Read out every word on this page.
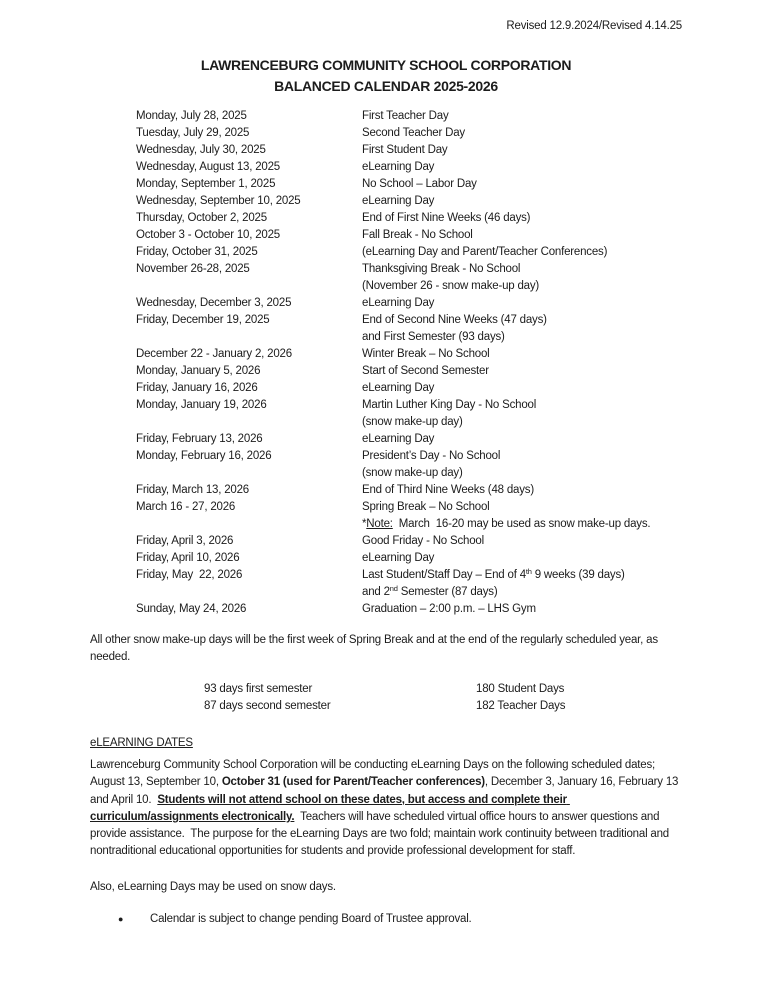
Revised 12.9.2024/Revised 4.14.25
LAWRENCEBURG COMMUNITY SCHOOL CORPORATION
BALANCED CALENDAR 2025-2026
Monday, July 28, 2025	First Teacher Day
Tuesday, July 29, 2025	Second Teacher Day
Wednesday, July 30, 2025	First Student Day
Wednesday, August 13, 2025	eLearning Day
Monday, September 1, 2025	No School – Labor Day
Wednesday, September 10, 2025	eLearning Day
Thursday, October 2, 2025	End of First Nine Weeks (46 days)
October 3 - October 10, 2025	Fall Break - No School
Friday, October 31, 2025	(eLearning Day and Parent/Teacher Conferences)
November 26-28, 2025	Thanksgiving Break - No School
(November 26 - snow make-up day)
Wednesday, December 3, 2025	eLearning Day
Friday, December 19, 2025	End of Second Nine Weeks (47 days)
and First Semester (93 days)
December 22 - January 2, 2026	Winter Break – No School
Monday, January 5, 2026	Start of Second Semester
Friday, January 16, 2026	eLearning Day
Monday, January 19, 2026	Martin Luther King Day - No School
(snow make-up day)
Friday, February 13, 2026	eLearning Day
Monday, February 16, 2026	President’s Day - No School
(snow make-up day)
Friday, March 13, 2026	End of Third Nine Weeks (48 days)
March 16 - 27, 2026	Spring Break – No School
*Note:  March  16-20 may be used as snow make-up days.
Friday, April 3, 2026	Good Friday - No School
Friday, April 10, 2026	eLearning Day
Friday, May  22, 2026	Last Student/Staff Day – End of 4th 9 weeks (39 days)
and 2nd Semester (87 days)
Sunday, May 24, 2026	Graduation – 2:00 p.m. – LHS Gym
All other snow make-up days will be the first week of Spring Break and at the end of the regularly scheduled year, as needed.
93 days first semester	180 Student Days
87 days second semester	182 Teacher Days
eLEARNING DATES
Lawrenceburg Community School Corporation will be conducting eLearning Days on the following scheduled dates; August 13, September 10, October 31 (used for Parent/Teacher conferences), December 3, January 16, February 13 and April 10.  Students will not attend school on these dates, but access and complete their curriculum/assignments electronically.  Teachers will have scheduled virtual office hours to answer questions and provide assistance.  The purpose for the eLearning Days are two fold; maintain work continuity between traditional and nontraditional educational opportunities for students and provide professional development for staff.
Also, eLearning Days may be used on snow days.
●	Calendar is subject to change pending Board of Trustee approval.
